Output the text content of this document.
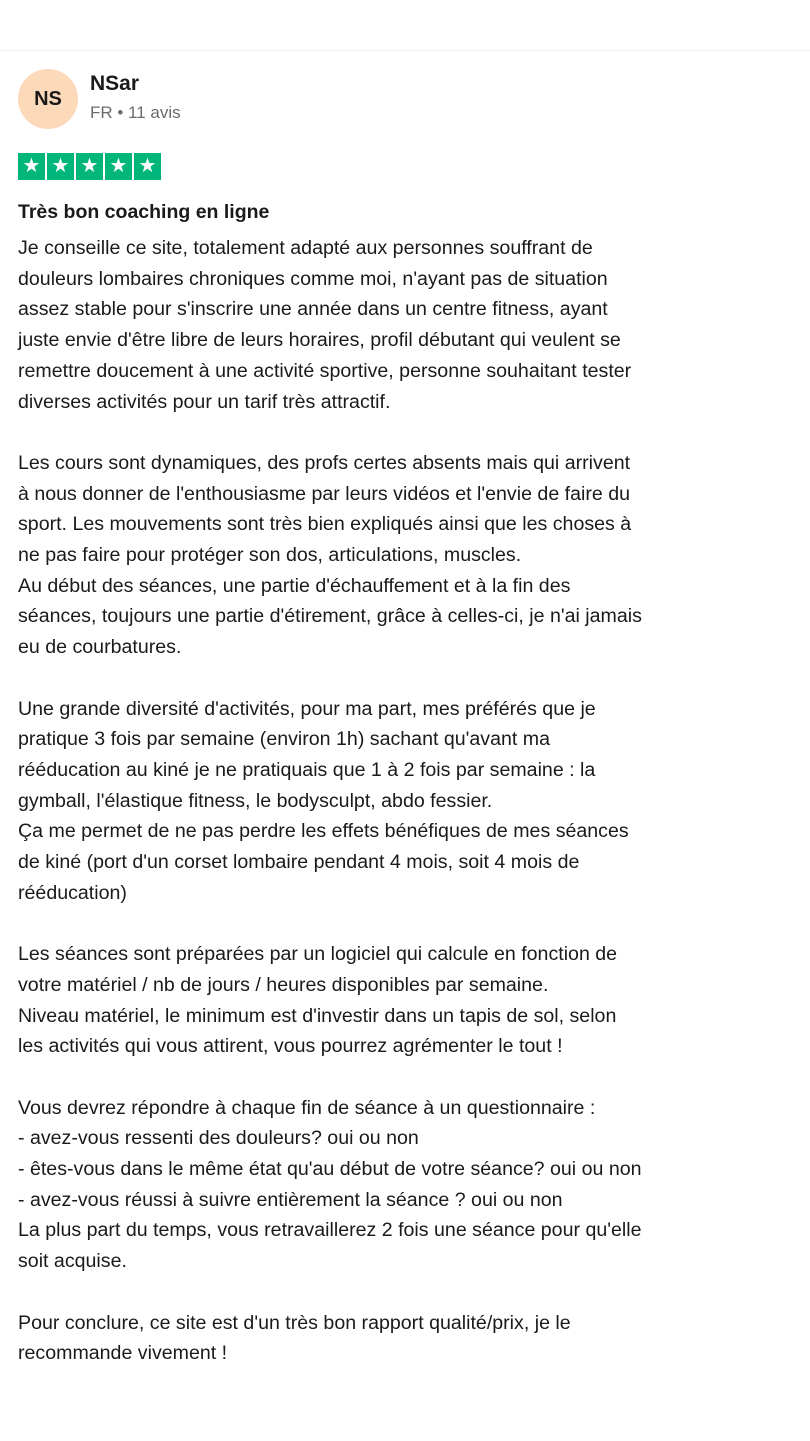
NS
NSar
FR • 11 avis
★ ★ ★ ★ ★
Très bon coaching en ligne

Je conseille ce site, totalement adapté aux personnes souffrant de
douleurs lombaires chroniques comme moi, n'ayant pas de situation
assez stable pour s'inscrire une année dans un centre fitness, ayant
juste envie d'être libre de leurs horaires, profil débutant qui veulent se
remettre doucement à une activité sportive, personne souhaitant tester
diverses activités pour un tarif très attractif.

Les cours sont dynamiques, des profs certes absents mais qui arrivent
à nous donner de l'enthousiasme par leurs vidéos et l'envie de faire du
sport. Les mouvements sont très bien expliqués ainsi que les choses à
ne pas faire pour protéger son dos, articulations, muscles.
Au début des séances, une partie d'échauffement et à la fin des
séances, toujours une partie d'étirement, grâce à celles-ci, je n'ai jamais
eu de courbatures.

Une grande diversité d'activités, pour ma part, mes préférés que je
pratique 3 fois par semaine (environ 1h) sachant qu'avant ma
rééducation au kiné je ne pratiquais que 1 à 2 fois par semaine : la
gymball, l'élastique fitness, le bodysculpt, abdo fessier.
Ça me permet de ne pas perdre les effets bénéfiques de mes séances
de kiné (port d'un corset lombaire pendant 4 mois, soit 4 mois de
rééducation)

Les séances sont préparées par un logiciel qui calcule en fonction de
votre matériel / nb de jours / heures disponibles par semaine.
Niveau matériel, le minimum est d'investir dans un tapis de sol, selon
les activités qui vous attirent, vous pourrez agrémenter le tout !

Vous devrez répondre à chaque fin de séance à un questionnaire :
- avez-vous ressenti des douleurs? oui ou non
- êtes-vous dans le même état qu'au début de votre séance? oui ou non
- avez-vous réussi à suivre entièrement la séance ? oui ou non
La plus part du temps, vous retravaillerez 2 fois une séance pour qu'elle
soit acquise.

Pour conclure, ce site est d'un très bon rapport qualité/prix, je le
recommande vivement !
